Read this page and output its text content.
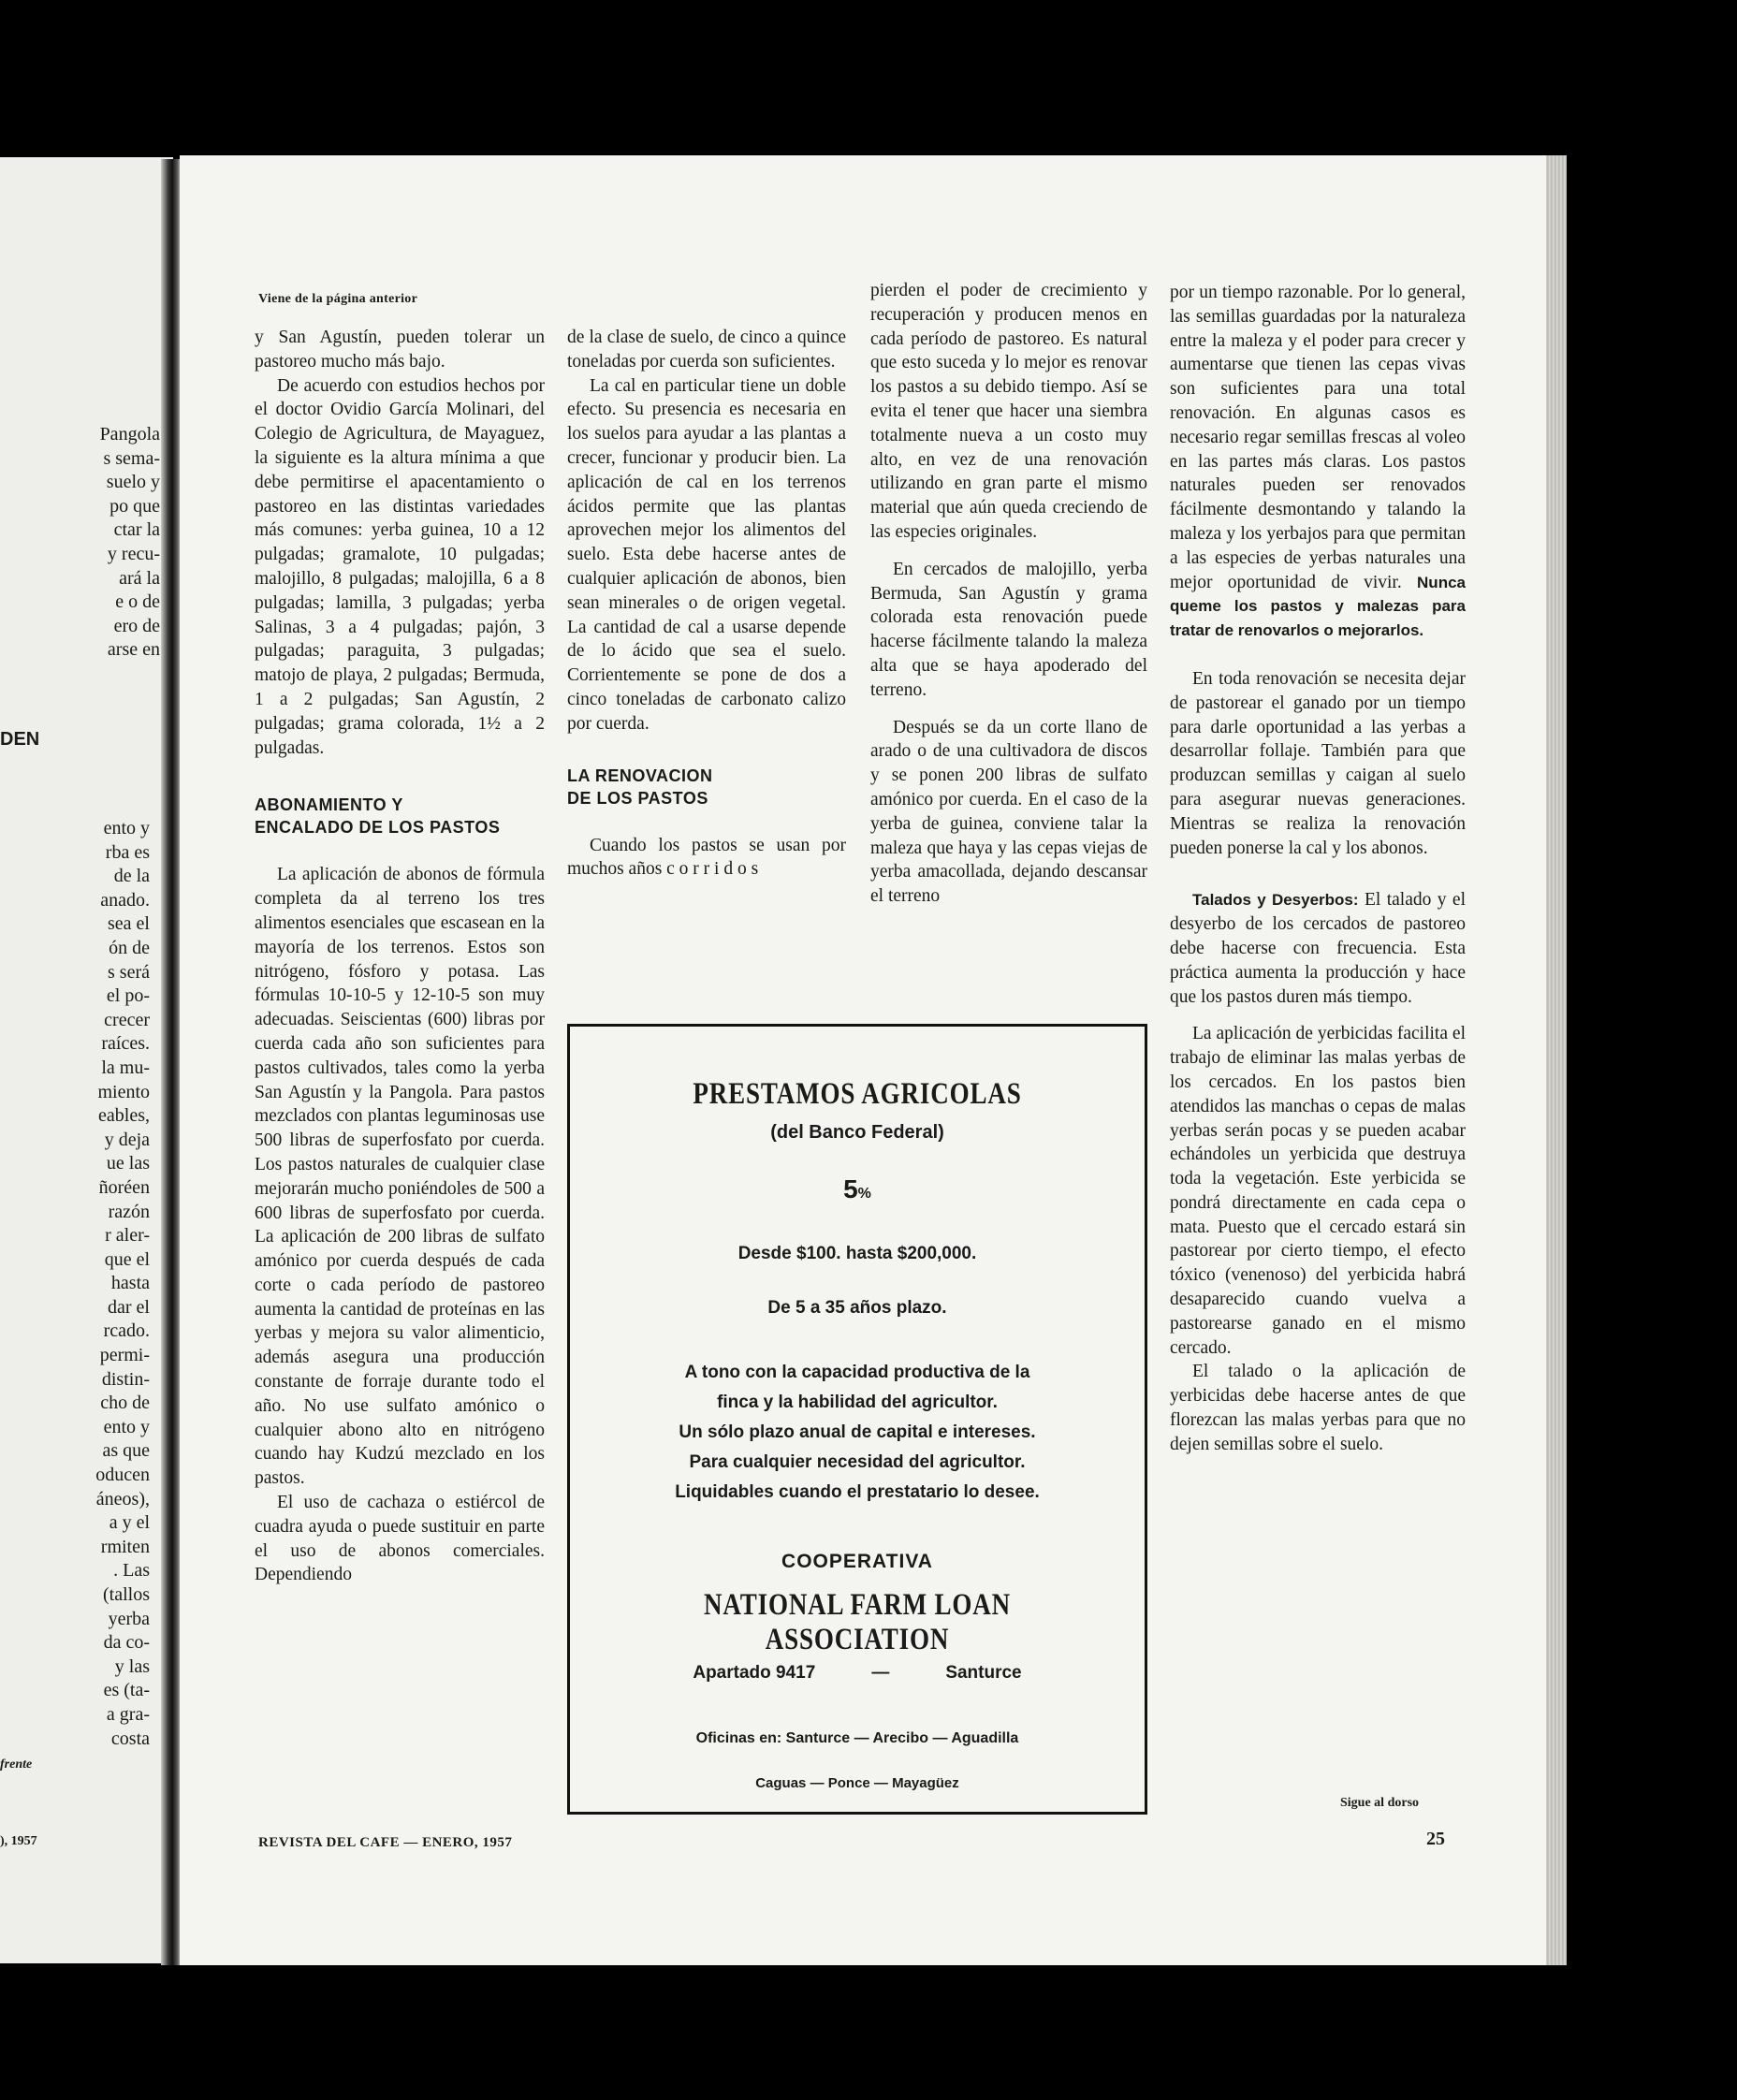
Pangola
s sema-
suelo y
po que
ctar la
y recu-
ará la
e o de
ero de
arse en
DEN
ento y
rba es
de la
anado.
sea el
ón de
s será
el po-
crecer
raíces.
la mu-
miento
eables,
y deja
ue las
ñoréen
razón
r aler-
que el
hasta
dar el
rcado.
permi-
distin-
cho de
ento y
as que
oducen
áneos),
a y el
rmiten
. Las
(tallos
yerba
da co-
y las
es (ta-
a gra-
costa
frente
), 1957
Viene de la página anterior

y San Agustín, pueden tolerar un pastoreo mucho más bajo.

De acuerdo con estudios hechos por el doctor Ovidio García Molinari, del Colegio de Agricultura, de Mayaguez, la siguiente es la altura mínima a que debe permitirse el apacentamiento o pastoreo en las distintas variedades más comunes: yerba guinea, 10 a 12 pulgadas; gramalote, 10 pulgadas; malojillo, 8 pulgadas; malojilla, 6 a 8 pulgadas; lamilla, 3 pulgadas; yerba Salinas, 3 a 4 pulgadas; pajón, 3 pulgadas; paraguita, 3 pulgadas; matojo de playa, 2 pulgadas; Bermuda, 1 a 2 pulgadas; San Agustín, 2 pulgadas; grama colorada, 1½ a 2 pulgadas.

ABONAMIENTO Y
ENCALADO DE LOS PASTOS

La aplicación de abonos de fórmula completa da al terreno los tres alimentos esenciales que escasean en la mayoría de los terrenos. Estos son nitrógeno, fósforo y potasa. Las fórmulas 10-10-5 y 12-10-5 son muy adecuadas. Seiscientas (600) libras por cuerda cada año son suficientes para pastos cultivados, tales como la yerba San Agustín y la Pangola. Para pastos mezclados con plantas leguminosas use 500 libras de superfosfato por cuerda. Los pastos naturales de cualquier clase mejorarán mucho poniéndoles de 500 a 600 libras de superfosfato por cuerda. La aplicación de 200 libras de sulfato amónico por cuerda después de cada corte o cada período de pastoreo aumenta la cantidad de proteínas en las yerbas y mejora su valor alimenticio, además asegura una producción constante de forraje durante todo el año. No use sulfato amónico o cualquier abono alto en nitrógeno cuando hay Kudzú mezclado en los pastos.

El uso de cachaza o estiércol de cuadra ayuda o puede sustituir en parte el uso de abonos comerciales. Dependiendo

de la clase de suelo, de cinco a quince toneladas por cuerda son suficientes.

La cal en particular tiene un doble efecto. Su presencia es necesaria en los suelos para ayudar a las plantas a crecer, funcionar y producir bien. La aplicación de cal en los terrenos ácidos permite que las plantas aprovechen mejor los alimentos del suelo. Esta debe hacerse antes de cualquier aplicación de abonos, bien sean minerales o de origen vegetal. La cantidad de cal a usarse depende de lo ácido que sea el suelo. Corrientemente se pone de dos a cinco toneladas de carbonato calizo por cuerda.

LA RENOVACION
DE LOS PASTOS

Cuando los pastos se usan por muchos años c o r r i d o s

pierden el poder de crecimiento y recuperación y producen menos en cada período de pastoreo. Es natural que esto suceda y lo mejor es renovar los pastos a su debido tiempo. Así se evita el tener que hacer una siembra totalmente nueva a un costo muy alto, en vez de una renovación utilizando en gran parte el mismo material que aún queda creciendo de las especies originales.

En cercados de malojillo, yerba Bermuda, San Agustín y grama colorada esta renovación puede hacerse fácilmente talando la maleza alta que se haya apoderado del terreno.

Después se da un corte llano de arado o de una cultivadora de discos y se ponen 200 libras de sulfato amónico por cuerda. En el caso de la yerba de guinea, conviene talar la maleza que haya y las cepas viejas de yerba amacollada, dejando descansar el terreno

por un tiempo razonable. Por lo general, las semillas guardadas por la naturaleza entre la maleza y el poder para crecer y aumentarse que tienen las cepas vivas son suficientes para una total renovación. En algunas casos es necesario regar semillas frescas al voleo en las partes más claras. Los pastos naturales pueden ser renovados fácilmente desmontando y talando la maleza y los yerbajos para que permitan a las especies de yerbas naturales una mejor oportunidad de vivir. Nunca queme los pastos y malezas para tratar de renovarlos o mejorarlos.

En toda renovación se necesita dejar de pastorear el ganado por un tiempo para darle oportunidad a las yerbas a desarrollar follaje. También para que produzcan semillas y caigan al suelo para asegurar nuevas generaciones. Mientras se realiza la renovación pueden ponerse la cal y los abonos.

Talados y Desyerbos: El talado y el desyerbo de los cercados de pastoreo debe hacerse con frecuencia. Esta práctica aumenta la producción y hace que los pastos duren más tiempo.

La aplicación de yerbicidas facilita el trabajo de eliminar las malas yerbas de los cercados. En los pastos bien atendidos las manchas o cepas de malas yerbas serán pocas y se pueden acabar echándoles un yerbicida que destruya toda la vegetación. Este yerbicida se pondrá directamente en cada cepa o mata. Puesto que el cercado estará sin pastorear por cierto tiempo, el efecto tóxico (venenoso) del yerbicida habrá desaparecido cuando vuelva a pastorearse ganado en el mismo cercado.

El talado o la aplicación de yerbicidas debe hacerse antes de que florezcan las malas yerbas para que no dejen semillas sobre el suelo.

PRESTAMOS AGRICOLAS
(del Banco Federal)
5%
Desde $100. hasta $200,000.
De 5 a 35 años plazo.
A tono con la capacidad productiva de la
finca y la habilidad del agricultor.
Un sólo plazo anual de capital e intereses.
Para cualquier necesidad del agricultor.
Liquidables cuando el prestatario lo desee.
COOPERATIVA
NATIONAL FARM LOAN ASSOCIATION
Apartado 9417	—	Santurce
Oficinas en: Santurce — Arecibo — Aguadilla
Caguas — Ponce — Mayagüez
REVISTA DEL CAFE — ENERO, 1957
Sigue al dorso
25
